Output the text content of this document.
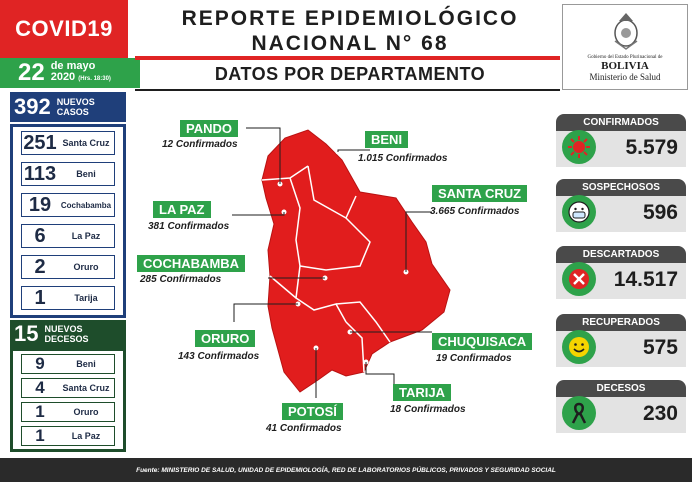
COVID19
22 de mayo
2020 (Hrs. 18:30)
392 NUEVOS CASOS
251 Santa Cruz
113	Beni
19	Cochabamba
6	La Paz
2	Oruro
1	Tarija
15 NUEVOS DECESOS
9	Beni
4	Santa Cruz
1	Oruro
1	La Paz
REPORTE EPIDEMIOLÓGICO
NACIONAL N° 68
DATOS POR DEPARTAMENTO
Gobierno del Estado Plurinacional de
BOLIVIA
Ministerio de Salud
PANDO
12 Confirmados	BENI
1.015 Confirmados
LA PAZ
381 Confirmados
SANTA CRUZ
3.665 Confirmados
COCHABAMBA
285 Confirmados
ORURO
143 Confirmados
CHUQUISACA
19 Confirmados
TARIJA
18 Confirmados
POTOSÍ
41 Confirmados
CONFIRMADOS
5.579
SOSPECHOSOS
596
DESCARTADOS
14.517
RECUPERADOS
575
DECESOS
230
Fuente: MINISTERIO DE SALUD, UNIDAD DE EPIDEMIOLOGÍA, RED DE LABORATORIOS PÚBLICOS, PRIVADOS Y SEGURIDAD SOCIAL
